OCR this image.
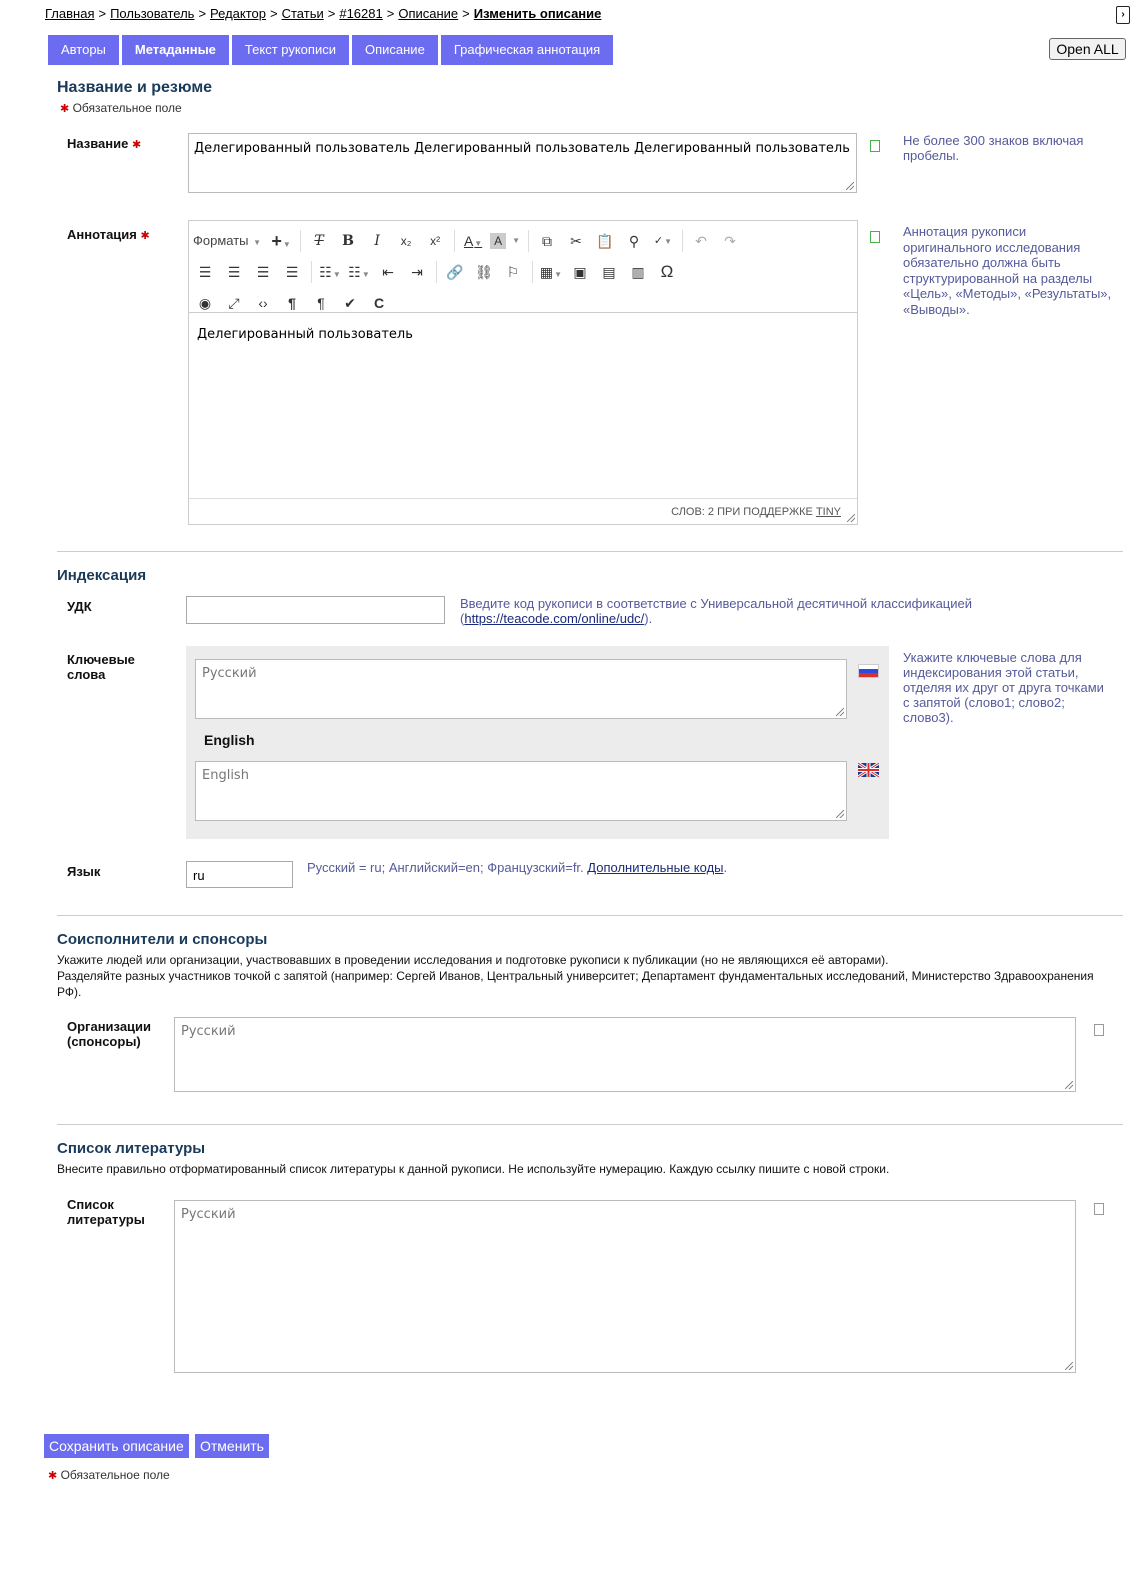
Главная > Пользователь > Редактор > Статьи > #16281 > Описание > Изменить описание	›
Авторы	Метаданные	Текст рукописи	Описание	Графическая аннотация	Open ALL
Название и резюме
✱ Обязательное поле
Название ✱	Делегированный пользователь Делегированный пользователь Делегированный пользователь
Не более 300 знаков включая пробелы.
Аннотация ✱	Форматы ▼ +▼	T	B	I	x₂	x²	A▼ A	▼	⧉	✂	📋	⚲	✓▼	↶	↷
☰	☰	☰	☰	☷▼ ☷▼ ⇤	⇥	🔗 ⛓ ⚐	▦▼ ▣	▤	▥ Ω
◉	⤢	‹›	¶	¶	✔	C
Делегированный пользователь
СЛОВ: 2 ПРИ ПОДДЕРЖКЕ TINY
Аннотация рукописи оригинального исследования обязательно должна быть структурированной на разделы «Цель», «Методы», «Результаты», «Выводы».
Индексация
УДК	Введите код рукописи в соответствие с Универсальной десятичной классификацией (https://teacode.com/online/udc/).
Ключевые слова	Русский
English
English
Укажите ключевые слова для индексирования этой статьи, отделяя их друг от друга точками с запятой (слово1; слово2; слово3).
Язык	ru
Русский = ru; Английский=en; Французский=fr. Дополнительные коды.
Соисполнители и спонсоры
Укажите людей или организации, участвовавших в проведении исследования и подготовке рукописи к публикации (но не являющихся её авторами).
Разделяйте разных участников точкой с запятой (например: Сергей Иванов, Центральный университет; Департамент фундаментальных исследований, Министерство Здравоохранения РФ).
Организации (спонсоры)
Русский
Список литературы
Внесите правильно отформатированный список литературы к данной рукописи. Не используйте нумерацию. Каждую ссылку пишите с новой строки.
Список литературы	Русский
Сохранить описание	Отменить
✱ Обязательное поле
